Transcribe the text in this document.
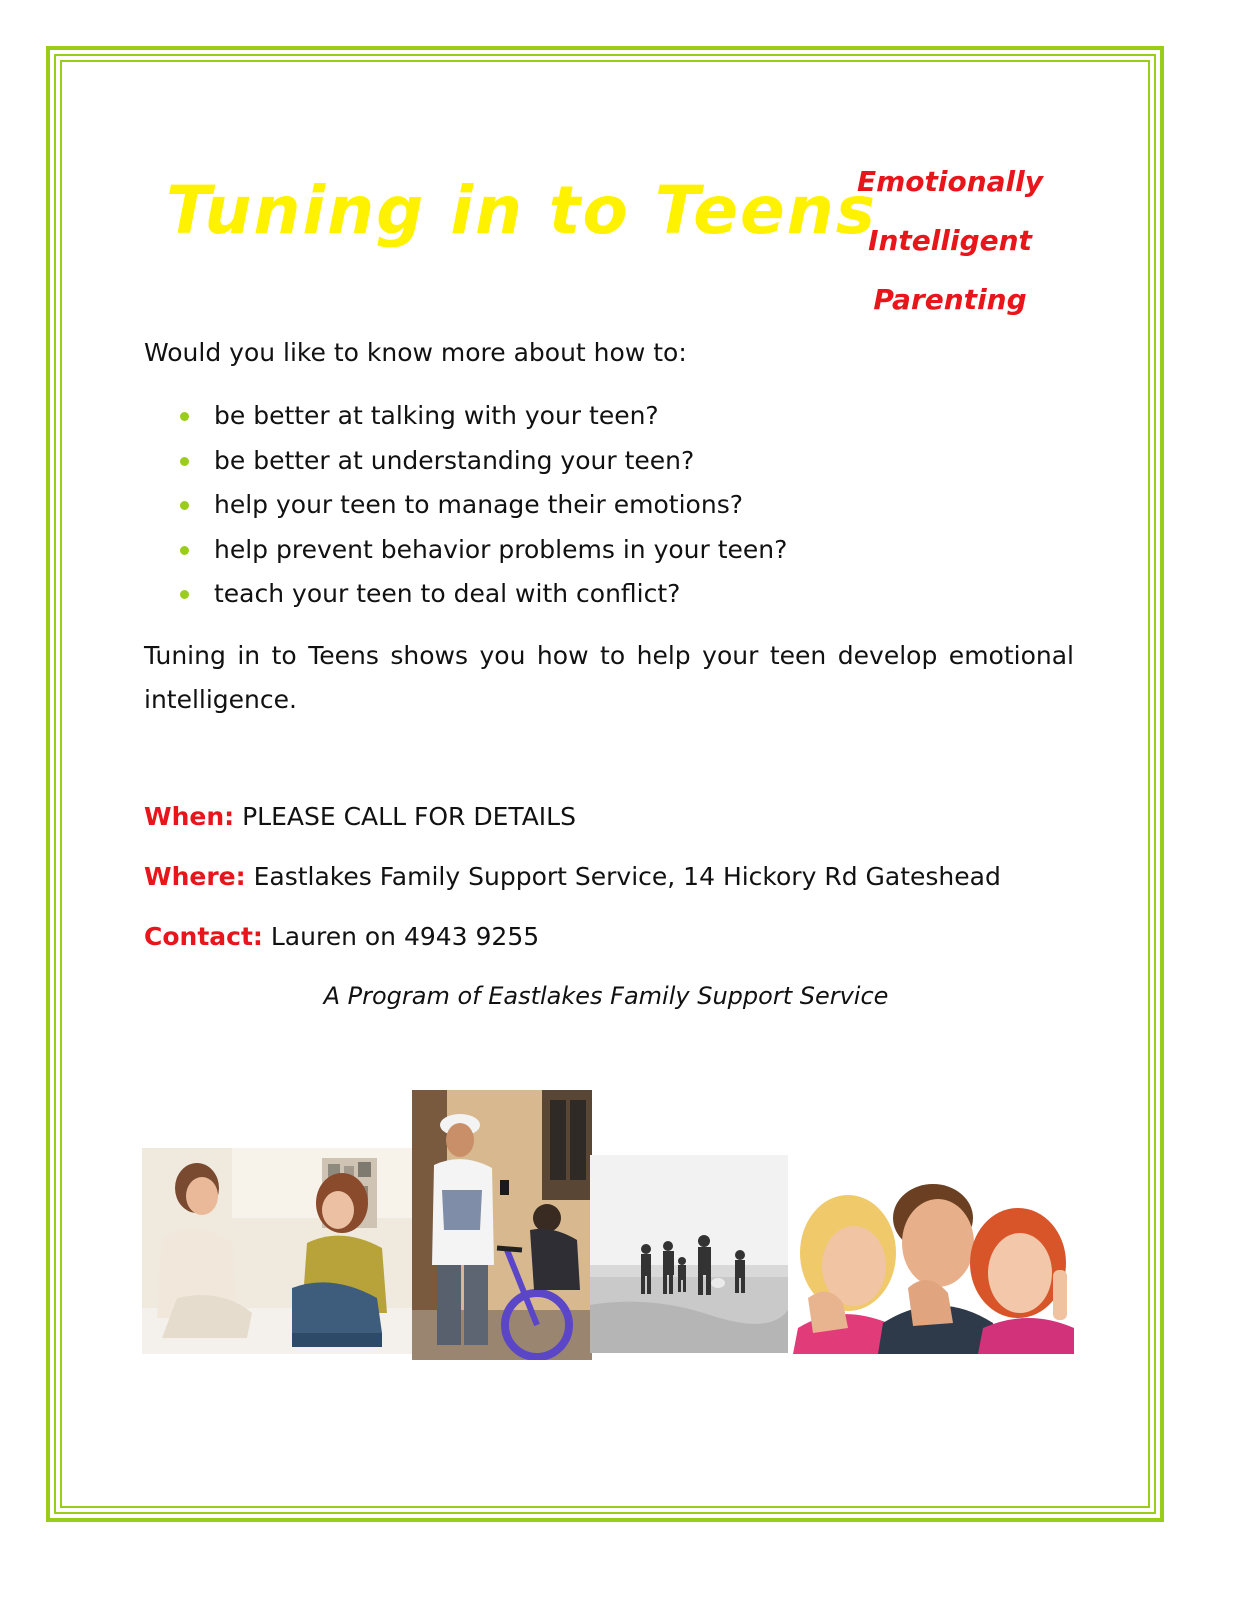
Tuning in to Teens
Emotionally
Intelligent
Parenting

Would you like to know more about how to:

be better at talking with your teen?
be better at understanding your teen?
help your teen to manage their emotions?
help prevent behavior problems in your teen?
teach your teen to deal with conflict?

Tuning in to Teens shows you how to help your teen develop emotional intelligence.

When: PLEASE CALL FOR DETAILS

Where: Eastlakes Family Support Service, 14 Hickory Rd Gateshead

Contact: Lauren on 4943 9255

A Program of Eastlakes Family Support Service
